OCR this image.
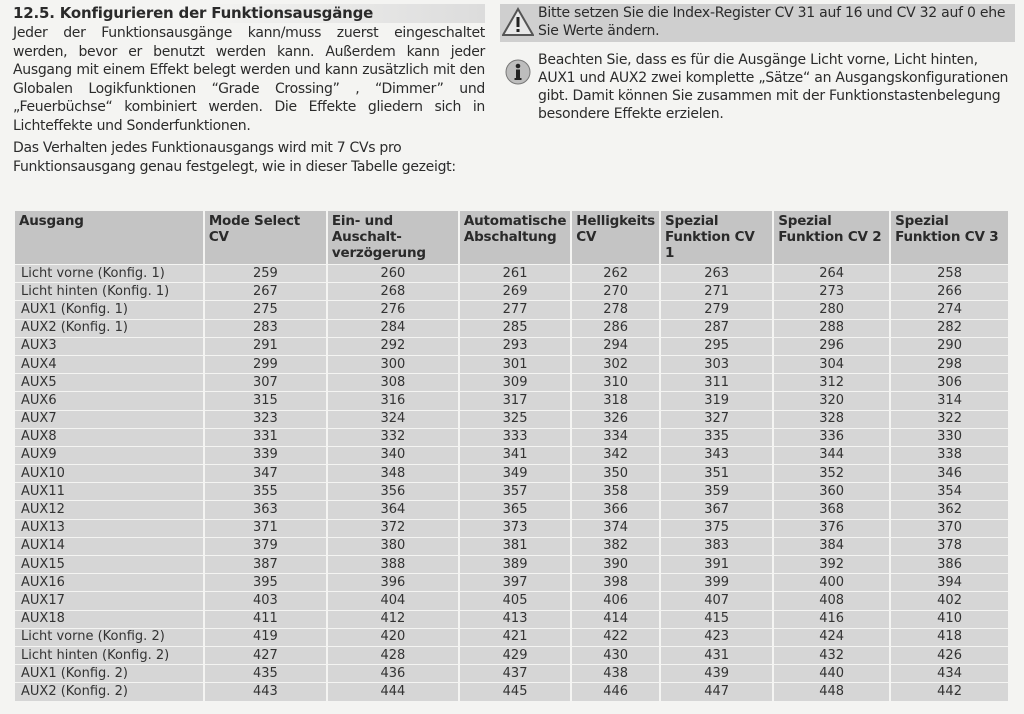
12.5. Konfigurieren der Funktionsausgänge

Jeder der Funktionsausgänge kann/muss zuerst eingeschaltet werden, bevor er benutzt werden kann. Außerdem kann jeder Ausgang mit einem Effekt belegt werden und kann zusätzlich mit den Globalen Logikfunktionen “Grade Crossing” , “Dimmer” und „Feuerbüchse“ kombiniert werden. Die Effekte gliedern sich in Lichteffekte und Sonderfunktionen.

Das Verhalten jedes Funktionausgangs wird mit 7 CVs pro Funktionsausgang genau festgelegt, wie in dieser Tabelle gezeigt:

Bitte setzen Sie die Index-Register CV 31 auf 16 und CV 32 auf 0 ehe Sie Werte ändern.
Beachten Sie, dass es für die Ausgänge Licht vorne, Licht hinten, AUX1 und AUX2 zwei komplette „Sätze“ an Ausgangskonfigurationen gibt. Damit können Sie zusammen mit der Funktionstastenbelegung besondere Effekte erzielen.
Ausgang	Mode Select CV	Ein- und Auschalt-verzögerung	Automatische Abschaltung	Helligkeits CV	Spezial Funktion CV 1	Spezial Funktion CV 2	Spezial Funktion CV 3
Licht vorne (Konfig. 1)	259	260	261	262	263	264	258
Licht hinten (Konfig. 1)	267	268	269	270	271	273	266
AUX1 (Konfig. 1)	275	276	277	278	279	280	274
AUX2 (Konfig. 1)	283	284	285	286	287	288	282
AUX3	291	292	293	294	295	296	290
AUX4	299	300	301	302	303	304	298
AUX5	307	308	309	310	311	312	306
AUX6	315	316	317	318	319	320	314
AUX7	323	324	325	326	327	328	322
AUX8	331	332	333	334	335	336	330
AUX9	339	340	341	342	343	344	338
AUX10	347	348	349	350	351	352	346
AUX11	355	356	357	358	359	360	354
AUX12	363	364	365	366	367	368	362
AUX13	371	372	373	374	375	376	370
AUX14	379	380	381	382	383	384	378
AUX15	387	388	389	390	391	392	386
AUX16	395	396	397	398	399	400	394
AUX17	403	404	405	406	407	408	402
AUX18	411	412	413	414	415	416	410
Licht vorne (Konfig. 2)	419	420	421	422	423	424	418
Licht hinten (Konfig. 2)	427	428	429	430	431	432	426
AUX1 (Konfig. 2)	435	436	437	438	439	440	434
AUX2 (Konfig. 2)	443	444	445	446	447	448	442
